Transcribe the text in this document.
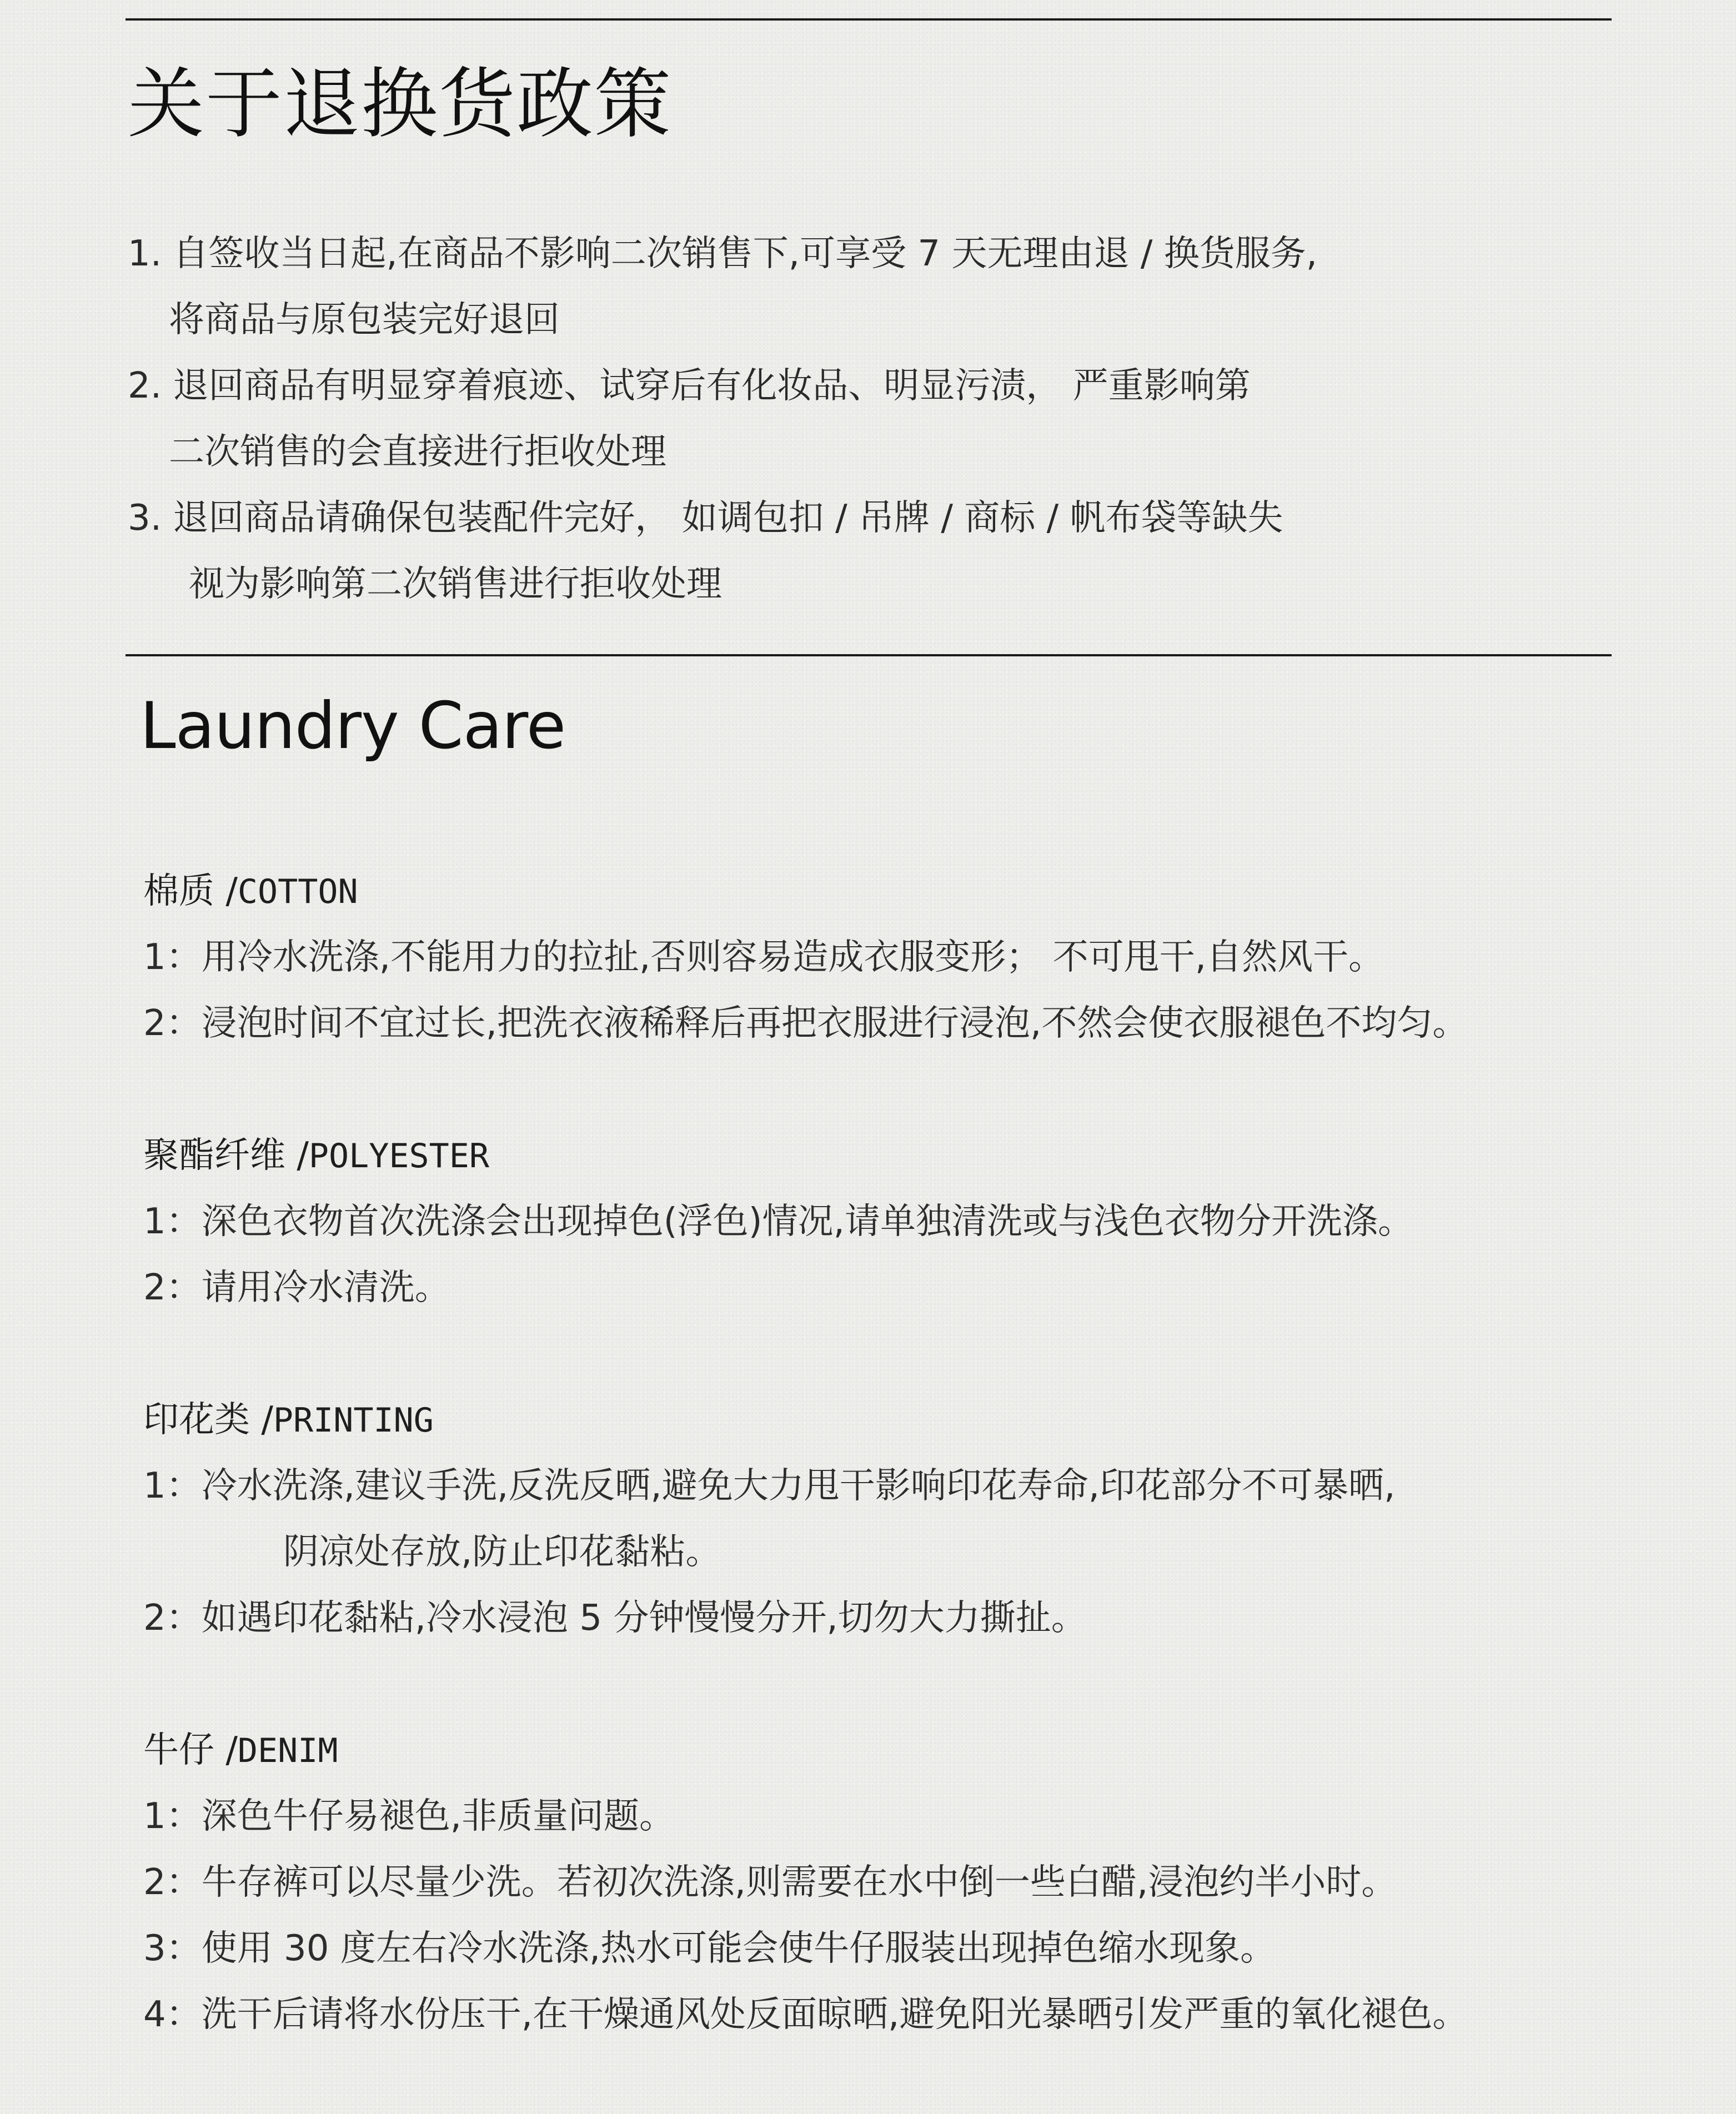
关于退换货政策
1. 自签收当日起,在商品不影响二次销售下,可享受 7 天无理由退 / 换货服务,
将商品与原包装完好退回
2. 退回商品有明显穿着痕迹、试穿后有化妆品、明显污渍， 严重影响第
二次销售的会直接进行拒收处理
3. 退回商品请确保包装配件完好， 如调包扣 / 吊牌 / 商标 / 帆布袋等缺失
视为影响第二次销售进行拒收处理
Laundry Care
棉质 /COTTON
1：用冷水洗涤,不能用力的拉扯,否则容易造成衣服变形； 不可甩干,自然风干。
2：浸泡时间不宜过长,把洗衣液稀释后再把衣服进行浸泡,不然会使衣服褪色不均匀。
聚酯纤维 /POLYESTER
1：深色衣物首次洗涤会出现掉色(浮色)情况,请单独清洗或与浅色衣物分开洗涤。
2：请用冷水清洗。
印花类 /PRINTING
1：冷水洗涤,建议手洗,反洗反晒,避免大力甩干影响印花寿命,印花部分不可暴晒,
阴凉处存放,防止印花黏粘。
2：如遇印花黏粘,冷水浸泡 5 分钟慢慢分开,切勿大力撕扯。
牛仔 /DENIM
1：深色牛仔易褪色,非质量问题。
2：牛存裤可以尽量少洗。若初次洗涤,则需要在水中倒一些白醋,浸泡约半小时。
3：使用 30 度左右冷水洗涤,热水可能会使牛仔服装出现掉色缩水现象。
4：洗干后请将水份压干,在干燥通风处反面晾晒,避免阳光暴晒引发严重的氧化褪色。
